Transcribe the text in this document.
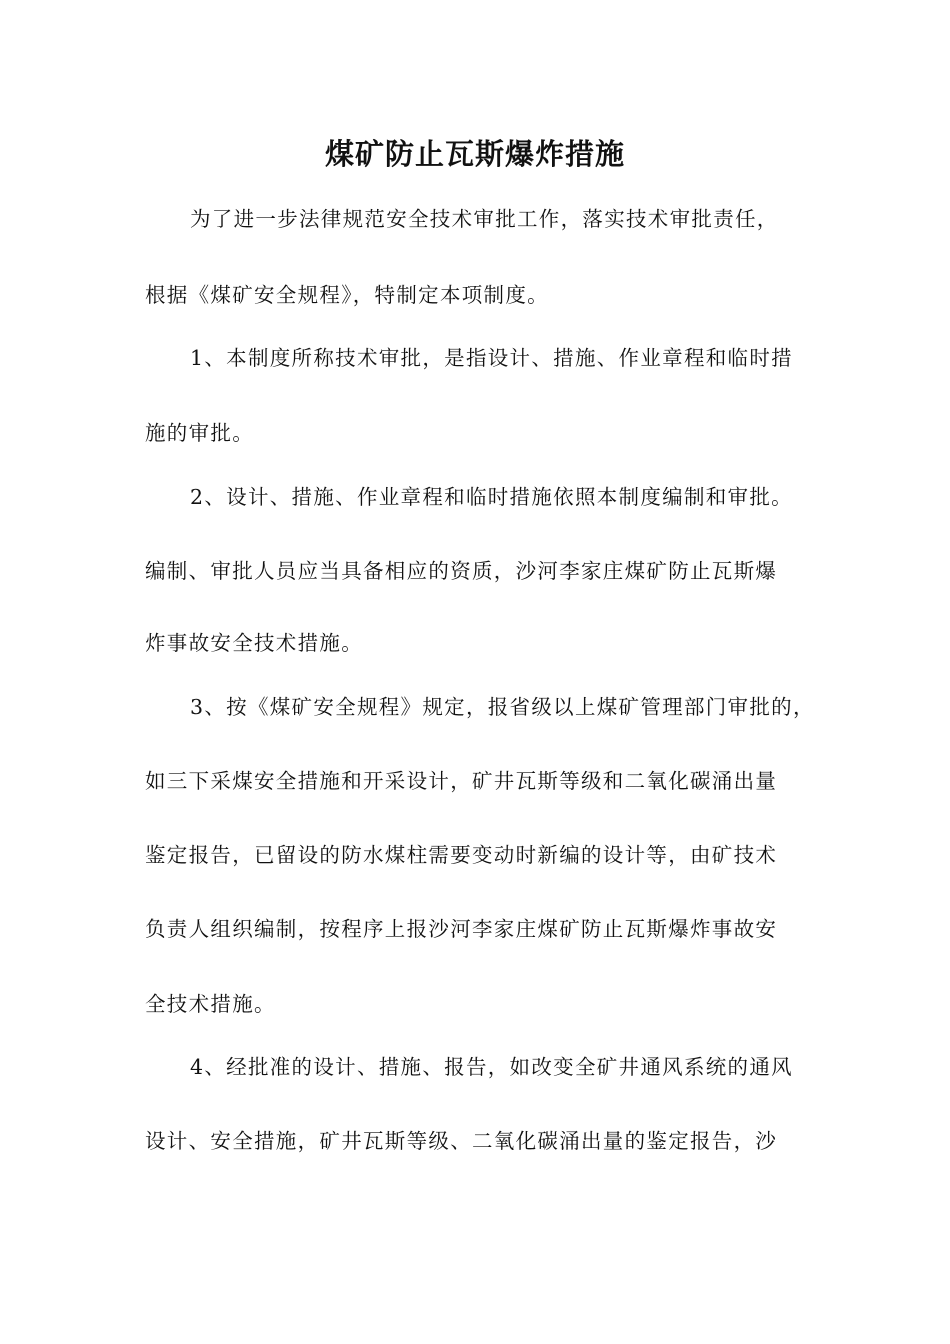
煤矿防止瓦斯爆炸措施
为了进一步法律规范安全技术审批工作，落实技术审批责任，
根据《煤矿安全规程》，特制定本项制度。
1、本制度所称技术审批，是指设计、措施、作业章程和临时措
施的审批。
2、设计、措施、作业章程和临时措施依照本制度编制和审批。
编制、审批人员应当具备相应的资质，沙河李家庄煤矿防止瓦斯爆
炸事故安全技术措施。
3、按《煤矿安全规程》规定，报省级以上煤矿管理部门审批的，
如三下采煤安全措施和开采设计，矿井瓦斯等级和二氧化碳涌出量
鉴定报告，已留设的防水煤柱需要变动时新编的设计等，由矿技术
负责人组织编制，按程序上报沙河李家庄煤矿防止瓦斯爆炸事故安
全技术措施。
4、经批准的设计、措施、报告，如改变全矿井通风系统的通风
设计、安全措施，矿井瓦斯等级、二氧化碳涌出量的鉴定报告，沙
